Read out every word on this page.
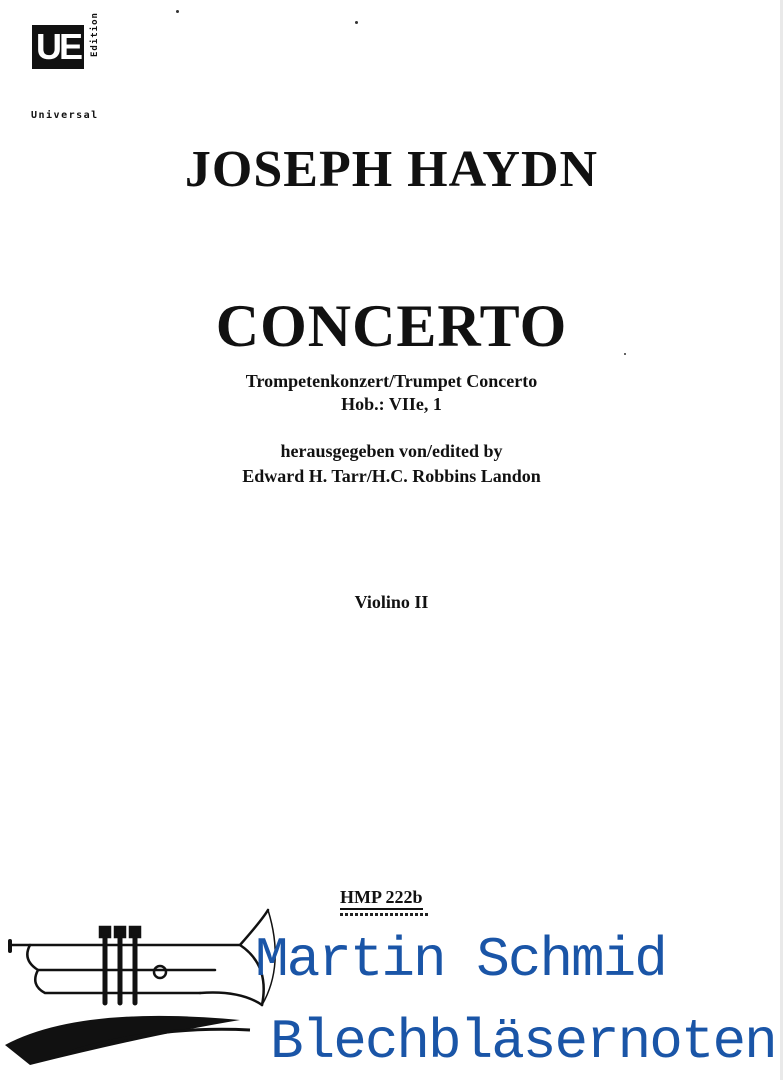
UE	Edition
Universal
JOSEPH HAYDN
CONCERTO
Trompetenkonzert/Trumpet Concerto
Hob.: VIIe, 1
herausgegeben von/edited by
Edward H. Tarr/H.C. Robbins Landon
Violino II
HMP 222b
Martin Schmid
Blechbläsernoten
